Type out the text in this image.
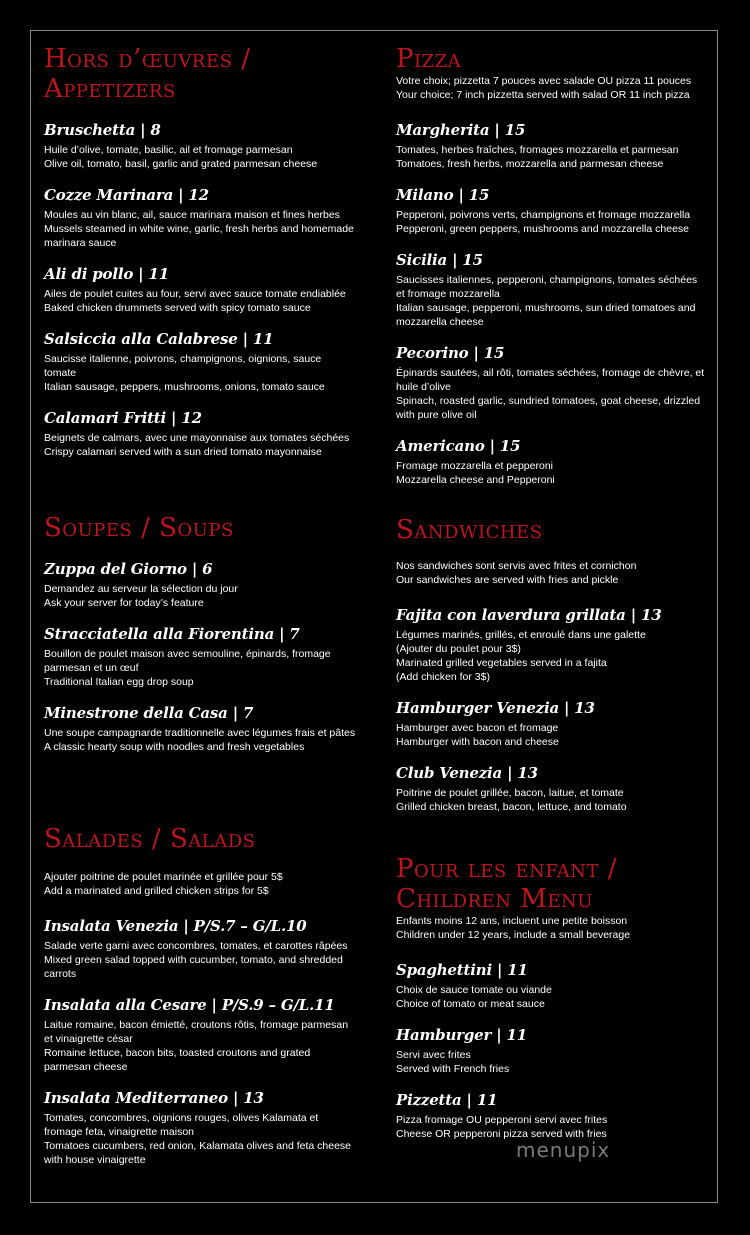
Hors d’œuvres / Appetizers

Bruschetta | 8

Huile d’olive, tomate, basilic, ail et fromage parmesan

Olive oil, tomato, basil, garlic and grated parmesan cheese

Cozze Marinara | 12

Moules au vin blanc, ail, sauce marinara maison et fines herbes

Mussels steamed in white wine, garlic, fresh herbs and homemade marinara sauce

Ali di pollo | 11

Ailes de poulet cuites au four, servi avec sauce tomate endiablée

Baked chicken drummets served with spicy tomato sauce

Salsiccia alla Calabrese | 11

Saucisse italienne, poivrons, champignons, oignions, sauce tomate

Italian sausage, peppers, mushrooms, onions, tomato sauce

Calamari Fritti | 12

Beignets de calmars, avec une mayonnaise aux tomates séchées

Crispy calamari served with a sun dried tomato mayonnaise

Soupes / Soups

Zuppa del Giorno | 6

Demandez au serveur la sélection du jour

Ask your server for today’s feature

Stracciatella alla Fiorentina | 7

Bouillon de poulet maison avec semouline, épinards, fromage parmesan et un œuf

Traditional Italian egg drop soup

Minestrone della Casa | 7

Une soupe campagnarde traditionnelle avec légumes frais et pâtes

A classic hearty soup with noodles and fresh vegetables

Salades / Salads

Ajouter poitrine de poulet marinée et grillée pour 5$

Add a marinated and grilled chicken strips for 5$

Insalata Venezia | P/S.7 – G/L.10

Salade verte garni avec concombres, tomates, et carottes râpées

Mixed green salad topped with cucumber, tomato, and shredded carrots

Insalata alla Cesare | P/S.9 – G/L.11

Laitue romaine, bacon émietté, croutons rôtis, fromage parmesan et vinaigrette césar

Romaine lettuce, bacon bits, toasted croutons and grated parmesan cheese

Insalata Mediterraneo | 13

Tomates, concombres, oignions rouges, olives Kalamata et fromage feta, vinaigrette maison

Tomatoes cucumbers, red onion, Kalamata olives and feta cheese with house vinaigrette

Pizza

Votre choix; pizzetta 7 pouces avec salade OU pizza 11 pouces

Your choice; 7 inch pizzetta served with salad OR 11 inch pizza

Margherita | 15

Tomates, herbes fraîches, fromages mozzarella et parmesan

Tomatoes, fresh herbs, mozzarella and parmesan cheese

Milano | 15

Pepperoni, poivrons verts, champignons et fromage mozzarella

Pepperoni, green peppers, mushrooms and mozzarella cheese

Sicilia | 15

Saucisses italiennes, pepperoni, champignons, tomates séchées et fromage mozzarella

Italian sausage, pepperoni, mushrooms, sun dried tomatoes and mozzarella cheese

Pecorino | 15

Épinards sautées, ail rôti, tomates séchées, fromage de chèvre, et huile d’olive

Spinach, roasted garlic, sundried tomatoes, goat cheese, drizzled with pure olive oil

Americano | 15

Fromage mozzarella et pepperoni

Mozzarella cheese and Pepperoni

Sandwiches

Nos sandwiches sont servis avec frites et cornichon

Our sandwiches are served with fries and pickle

Fajita con laverdura grillata | 13

Légumes marinés, grillés, et enroulé dans une galette

(Ajouter du poulet pour 3$)

Marinated grilled vegetables served in a fajita

(Add chicken for 3$)

Hamburger Venezia | 13

Hamburger avec bacon et fromage

Hamburger with bacon and cheese

Club Venezia | 13

Poitrine de poulet grillée, bacon, laitue, et tomate

Grilled chicken breast, bacon, lettuce, and tomato

Pour les enfant / Children Menu

Enfants moins 12 ans, incluent une petite boisson

Children under 12 years, include a small beverage

Spaghettini | 11

Choix de sauce tomate ou viande

Choice of tomato or meat sauce

Hamburger | 11

Servi avec frites

Served with French fries

Pizzetta | 11

Pizza fromage OU pepperoni servi avec frites

Cheese OR pepperoni pizza served with fries

menupix
